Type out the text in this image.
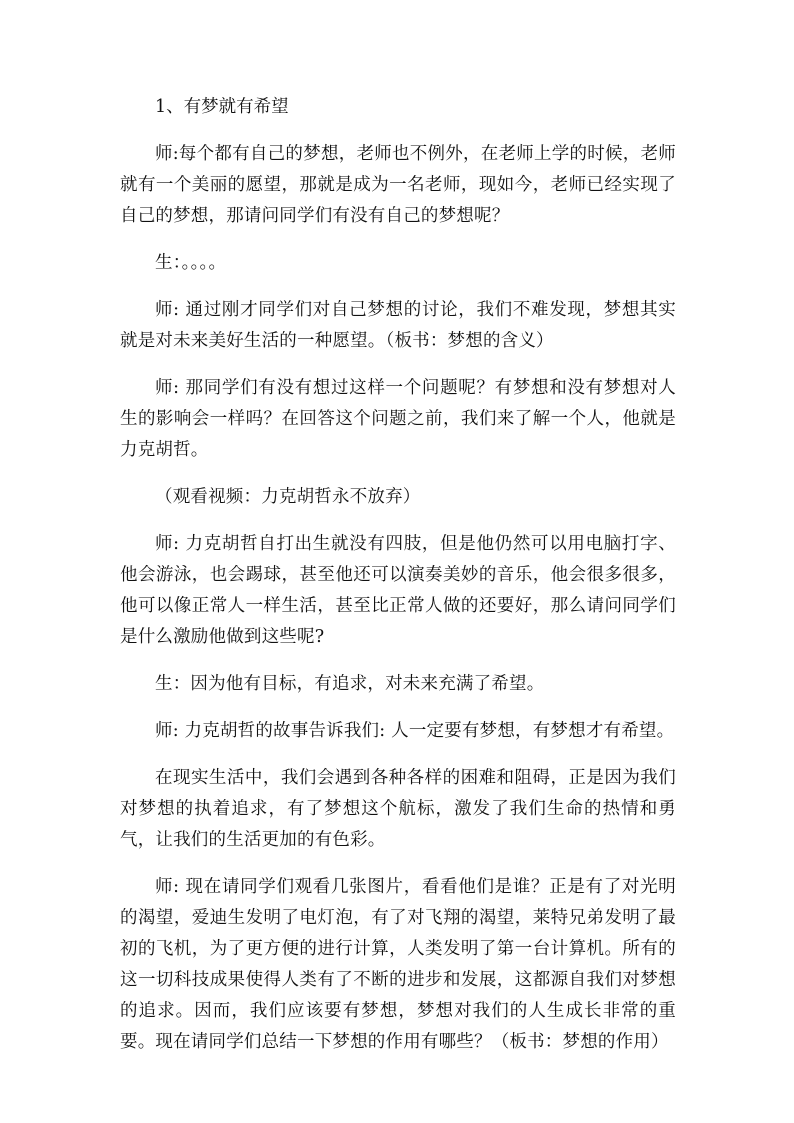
1、有梦就有希望

师:每个都有自己的梦想，老师也不例外，在老师上学的时候，老师就有一个美丽的愿望，那就是成为一名老师，现如今，老师已经实现了自己的梦想，那请问同学们有没有自己的梦想呢？

生：。。。。

师: 通过刚才同学们对自己梦想的讨论，我们不难发现，梦想其实就是对未来美好生活的一种愿望。（板书：梦想的含义）

师: 那同学们有没有想过这样一个问题呢？有梦想和没有梦想对人生的影响会一样吗？在回答这个问题之前，我们来了解一个人，他就是力克胡哲。

（观看视频：力克胡哲永不放弃）

师: 力克胡哲自打出生就没有四肢，但是他仍然可以用电脑打字、他会游泳，也会踢球，甚至他还可以演奏美妙的音乐，他会很多很多，他可以像正常人一样生活，甚至比正常人做的还要好，那么请问同学们是什么激励他做到这些呢?

生：因为他有目标，有追求，对未来充满了希望。

师: 力克胡哲的故事告诉我们: 人一定要有梦想，有梦想才有希望。

在现实生活中，我们会遇到各种各样的困难和阻碍，正是因为我们对梦想的执着追求，有了梦想这个航标，激发了我们生命的热情和勇气，让我们的生活更加的有色彩。

师: 现在请同学们观看几张图片，看看他们是谁？正是有了对光明的渴望，爱迪生发明了电灯泡，有了对飞翔的渴望，莱特兄弟发明了最初的飞机，为了更方便的进行计算，人类发明了第一台计算机。所有的这一切科技成果使得人类有了不断的进步和发展，这都源自我们对梦想的追求。因而，我们应该要有梦想，梦想对我们的人生成长非常的重要。现在请同学们总结一下梦想的作用有哪些？（板书：梦想的作用）
